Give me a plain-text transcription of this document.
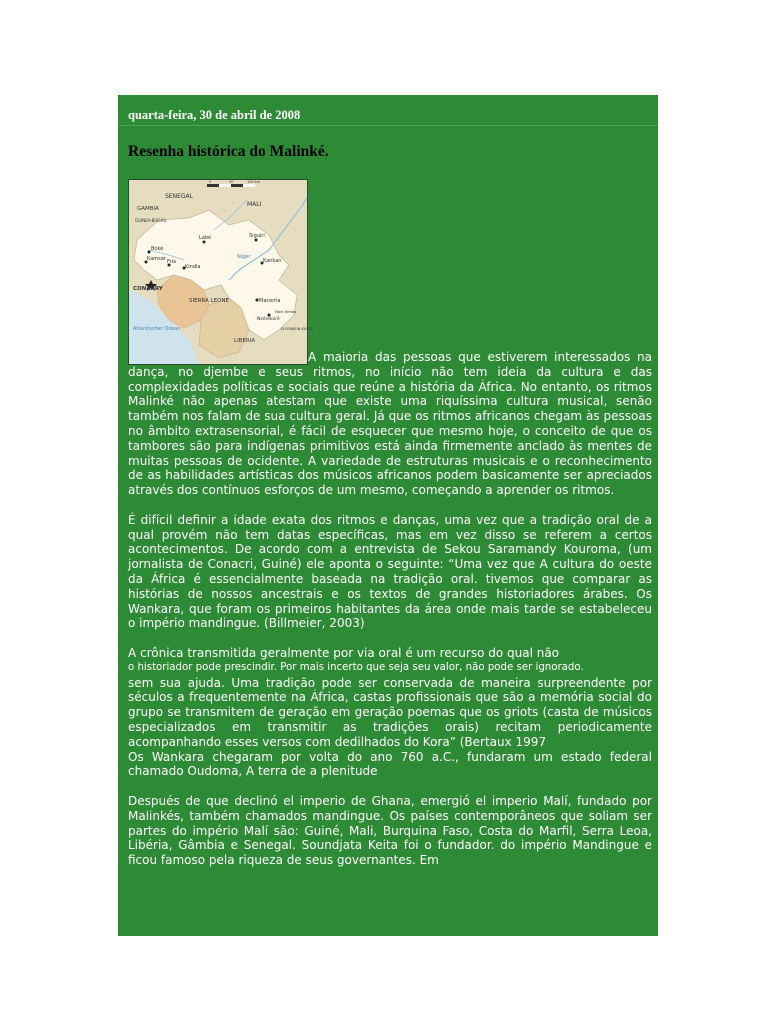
quarta-feira, 30 de abril de 2008
Resenha histórica do Malinké.
0	50	100 km
SENEGAL
MALI
GAMBIA
GUINEA-BISSAU
Boké
Labé	Siguiri
Kamsar Fria
Kindia
Niger
Kankan
CONAKRY
SIERRA LEONE	Macenta
Atlantischer Ozean
Nzérékoré
Mont Nimba
LIBERIA
ELFENBEIN-KÜSTE

A maioria das pessoas que estiverem interessados na dança, no djembe e seus ritmos, no início não tem ideia da cultura e das complexidades políticas e sociais que reúne a história da África. No entanto, os ritmos Malinké não apenas atestam que existe uma riquíssima cultura musical, senão também nos falam de sua cultura geral. Já que os ritmos africanos chegam às pessoas no âmbito extrasensorial, é fácil de esquecer que mesmo hoje, o conceito de que os tambores são para indígenas primitivos está ainda firmemente anclado às mentes de muitas pessoas de ocidente. A variedade de estruturas musicais e o reconhecimento de as habilidades artísticas dos músicos africanos podem basicamente ser apreciados através dos contínuos esforços de um mesmo, começando a aprender os ritmos.

É difícil definir a idade exata dos ritmos e danças, uma vez que a tradição oral de a qual provém não tem datas específicas, mas em vez disso se referem a certos acontecimentos. De acordo com a entrevista de Sekou Saramandy Kouroma, (um jornalista de Conacri, Guiné) ele aponta o seguinte: “Uma vez que A cultura do oeste da África é essencialmente baseada na tradição oral. tivemos que comparar as histórias de nossos ancestrais e os textos de grandes historiadores árabes. Os Wankara, que foram os primeiros habitantes da área onde mais tarde se estabeleceu o império mandingue. (Billmeier, 2003)

A crônica transmitida geralmente por via oral é um recurso do qual não
o historiador pode prescindir. Por mais incerto que seja seu valor, não pode ser ignorado.
sem sua ajuda. Uma tradição pode ser conservada de maneira surpreendente por séculos a frequentemente na África, castas profissionais que são a memória social do grupo se transmitem de geração em geração poemas que os griots (casta de músicos especializados em transmitir as tradições orais) recitam periodicamente acompanhando esses versos com dedilhados do Kora” (Bertaux 1997
Os Wankara chegaram por volta do ano 760 a.C., fundaram um estado federal chamado Oudoma, A terra de a plenitude

Después de que declinó el imperio de Ghana, emergió el imperio Malí, fundado por Malinkés, também chamados mandingue. Os países contemporâneos que soliam ser partes do império Malí são: Guiné, Mali, Burquina Faso, Costa do Marfil, Serra Leoa, Libéria, Gâmbia e Senegal. Soundjata Keita foi o fundador. do império Mandingue e ficou famoso pela riqueza de seus governantes. Em
